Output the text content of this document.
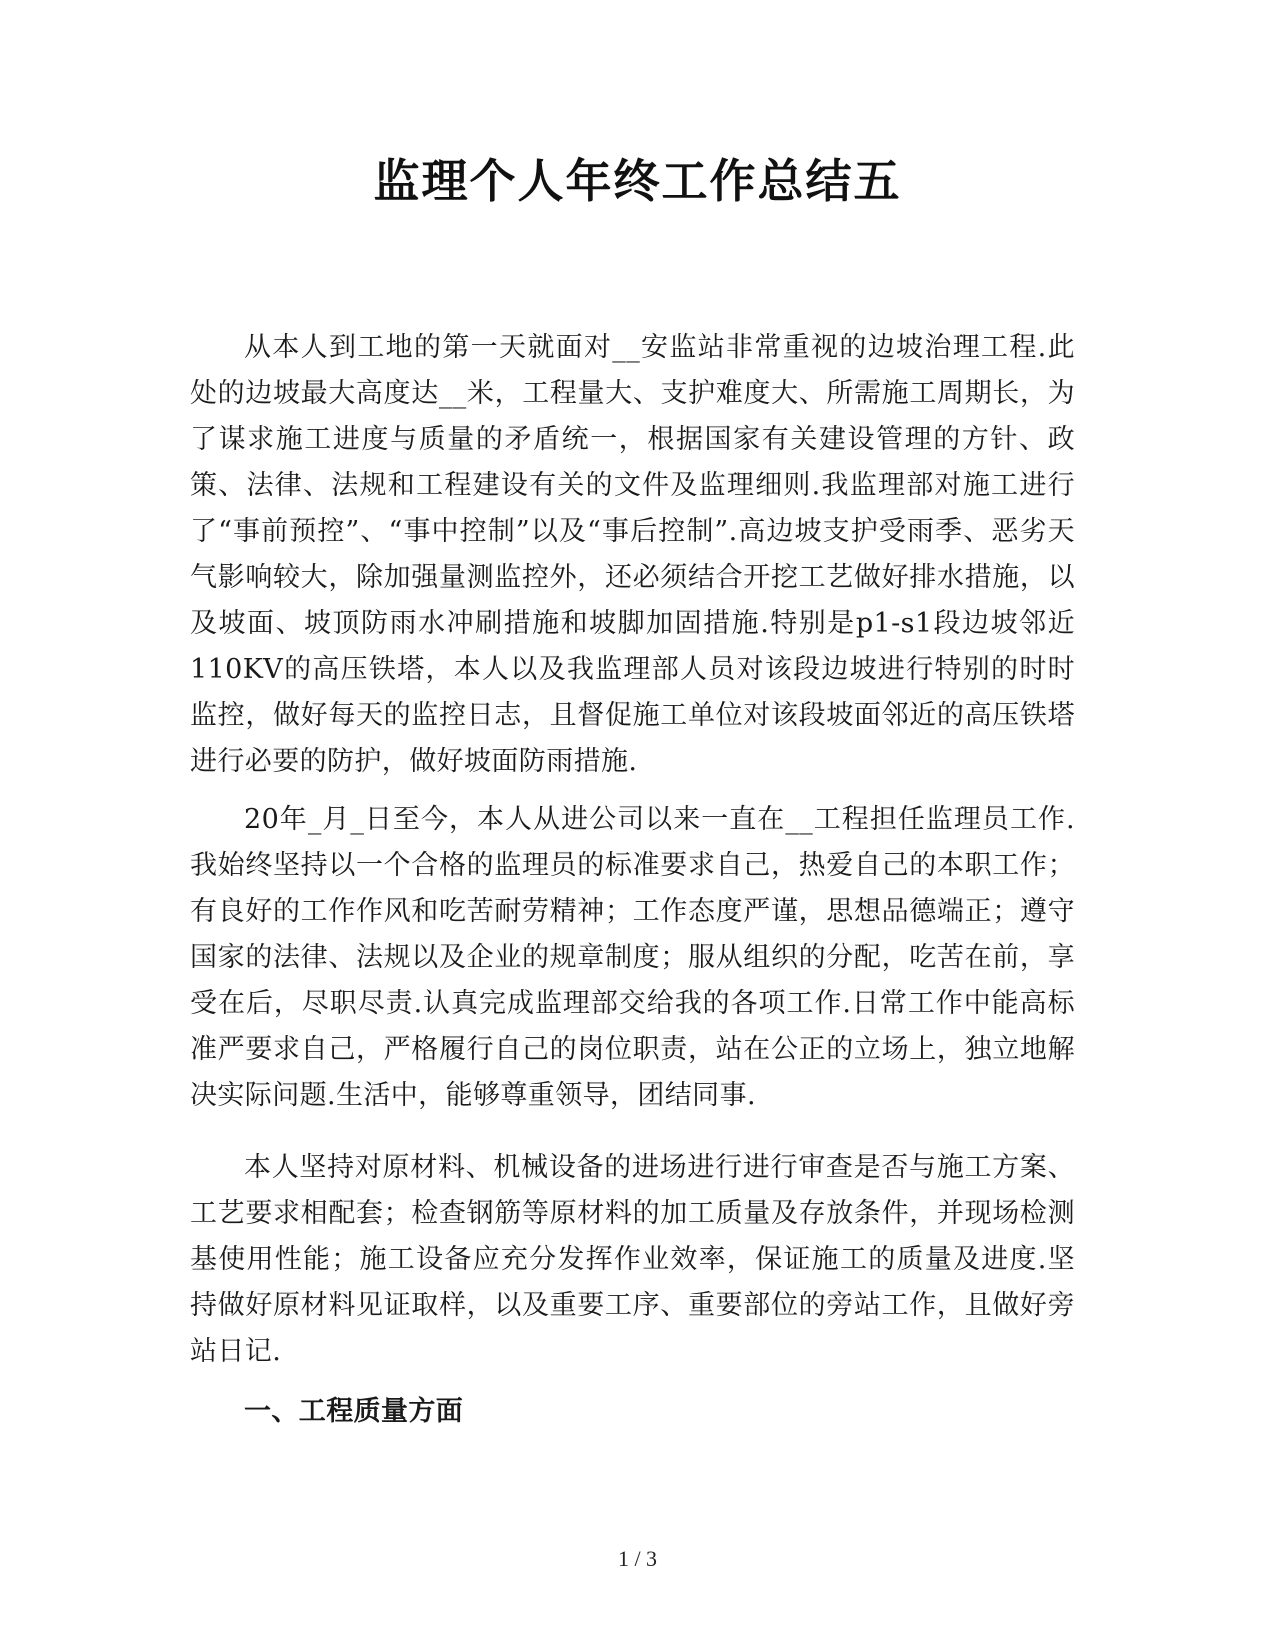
监理个人年终工作总结五

从本人到工地的第一天就面对__安监站非常重视的边坡治理工程.此处的边坡最大高度达__米，工程量大、支护难度大、所需施工周期长，为了谋求施工进度与质量的矛盾统一，根据国家有关建设管理的方针、政策、法律、法规和工程建设有关的文件及监理细则.我监理部对施工进行了“事前预控”、“事中控制”以及“事后控制”.高边坡支护受雨季、恶劣天气影响较大，除加强量测监控外，还必须结合开挖工艺做好排水措施，以及坡面、坡顶防雨水冲刷措施和坡脚加固措施.特别是p1-s1段边坡邻近110KV的高压铁塔，本人以及我监理部人员对该段边坡进行特别的时时监控，做好每天的监控日志，且督促施工单位对该段坡面邻近的高压铁塔进行必要的防护，做好坡面防雨措施.

20年_月_日至今，本人从进公司以来一直在__工程担任监理员工作.我始终坚持以一个合格的监理员的标准要求自己，热爱自己的本职工作；有良好的工作作风和吃苦耐劳精神；工作态度严谨，思想品德端正；遵守国家的法律、法规以及企业的规章制度；服从组织的分配，吃苦在前，享受在后，尽职尽责.认真完成监理部交给我的各项工作.日常工作中能高标准严要求自己，严格履行自己的岗位职责，站在公正的立场上，独立地解决实际问题.生活中，能够尊重领导，团结同事.

本人坚持对原材料、机械设备的进场进行进行审查是否与施工方案、工艺要求相配套；检查钢筋等原材料的加工质量及存放条件，并现场检测基使用性能；施工设备应充分发挥作业效率，保证施工的质量及进度.坚持做好原材料见证取样，以及重要工序、重要部位的旁站工作，且做好旁站日记.

一、工程质量方面

1 / 3
